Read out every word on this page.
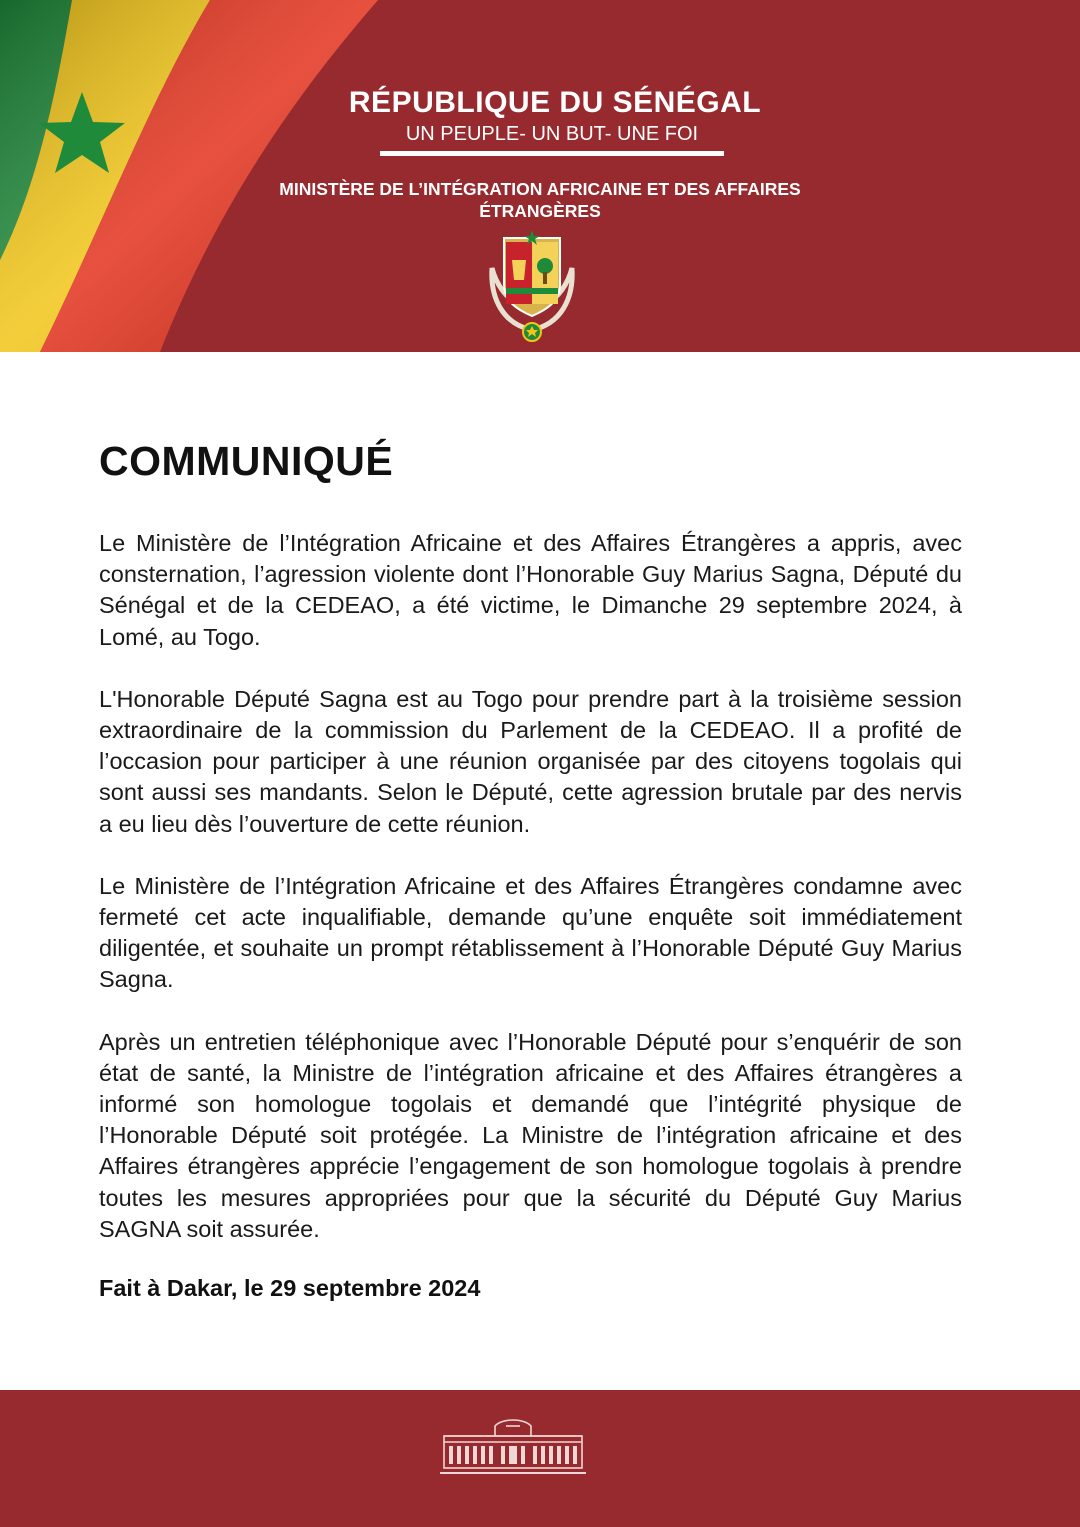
RÉPUBLIQUE DU SÉNÉGAL
UN PEUPLE- UN BUT- UNE FOI
MINISTÈRE DE L’INTÉGRATION AFRICAINE ET DES AFFAIRES
ÉTRANGÈRES
COMMUNIQUÉ

Le Ministère de l’Intégration Africaine et des Affaires Étrangères a appris, avec consternation, l’agression violente dont l’Honorable Guy Marius Sagna, Député du Sénégal et de la CEDEAO, a été victime, le Dimanche 29 septembre 2024, à Lomé, au Togo.

L'Honorable Député Sagna est au Togo pour prendre part à la troisième session extraordinaire de la commission du Parlement de la CEDEAO. Il a profité de l’occasion pour participer à une réunion organisée par des citoyens togolais qui sont aussi ses mandants. Selon le Député, cette agression brutale par des nervis a eu lieu dès l’ouverture de cette réunion.

Le Ministère de l’Intégration Africaine et des Affaires Étrangères condamne avec fermeté cet acte inqualifiable, demande qu’une enquête soit immédiatement diligentée, et souhaite un prompt rétablissement à l’Honorable Député Guy Marius Sagna.

Après un entretien téléphonique avec l’Honorable Député pour s’enquérir de son état de santé, la Ministre de l’intégration africaine et des Affaires étrangères a informé son homologue togolais et demandé que l’intégrité physique de l’Honorable Député soit protégée. La Ministre de l’intégration africaine et des Affaires étrangères apprécie l’engagement de son homologue togolais à prendre toutes les mesures appropriées pour que la sécurité du Député Guy Marius SAGNA soit assurée.

Fait à Dakar, le 29 septembre 2024
